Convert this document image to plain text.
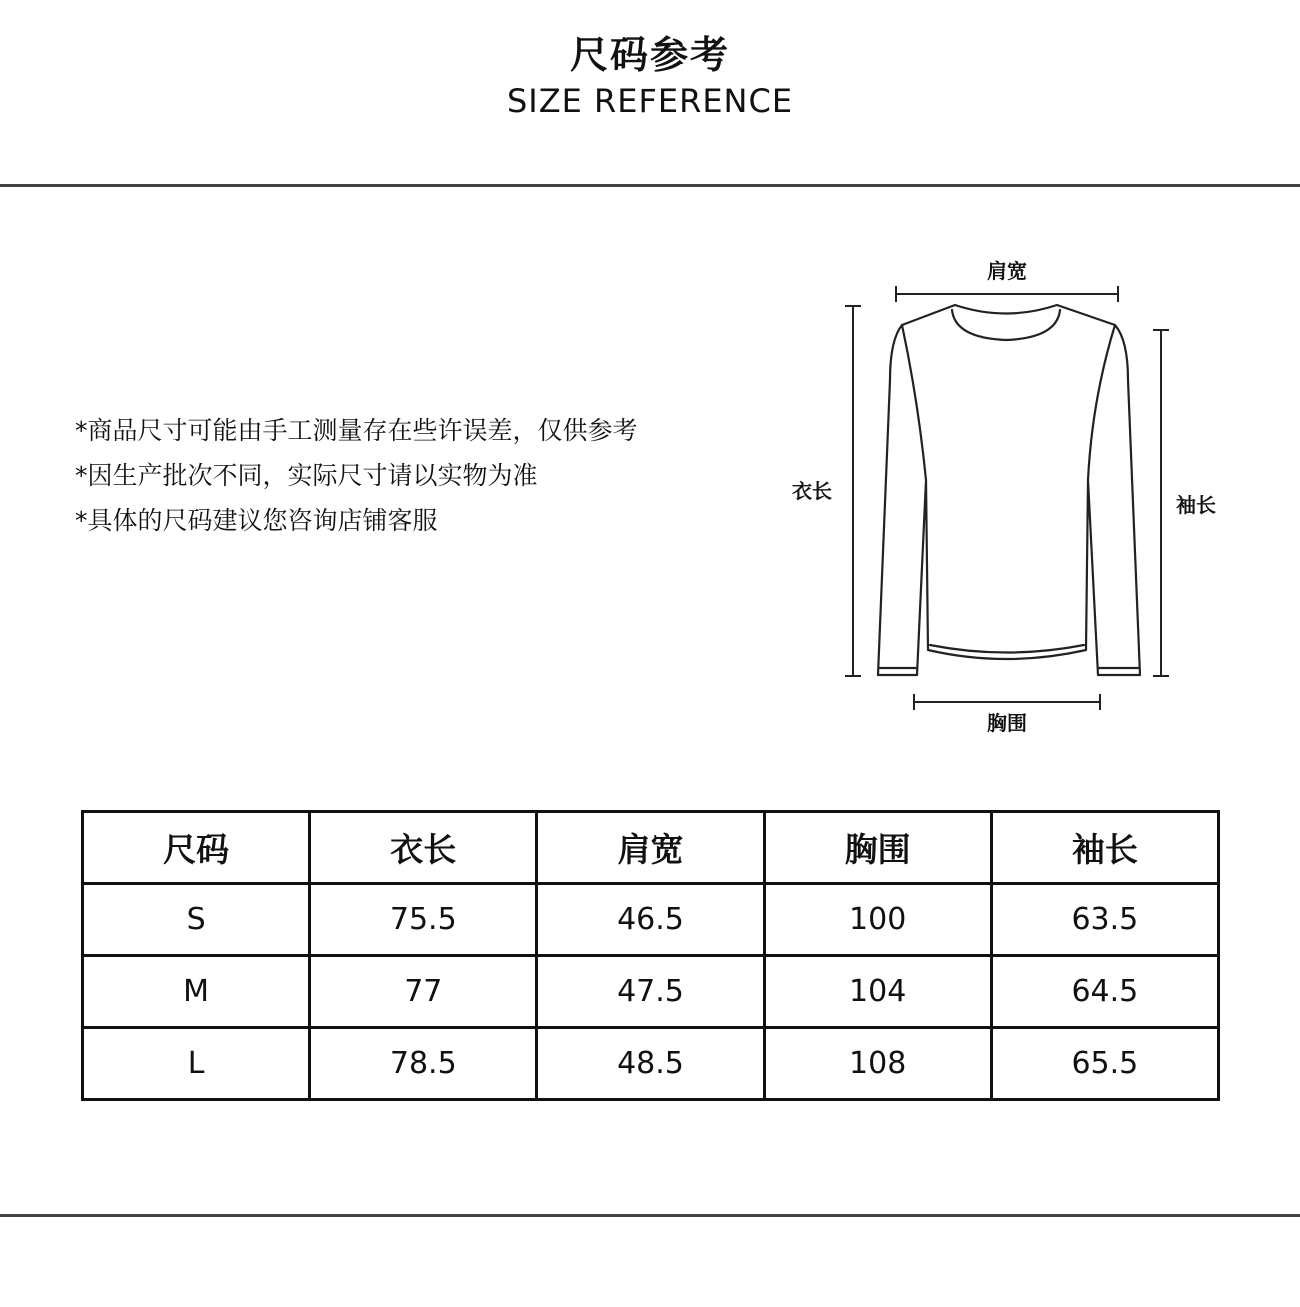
尺码参考
SIZE REFERENCE
*商品尺寸可能由手工测量存在些许误差，仅供参考
*因生产批次不同，实际尺寸请以实物为准
*具体的尺码建议您咨询店铺客服
肩宽
衣长
袖长
胸围
尺码	衣长	肩宽	胸围	袖长
S	75.5	46.5	100	63.5
M	77	47.5	104	64.5
L	78.5	48.5	108	65.5
